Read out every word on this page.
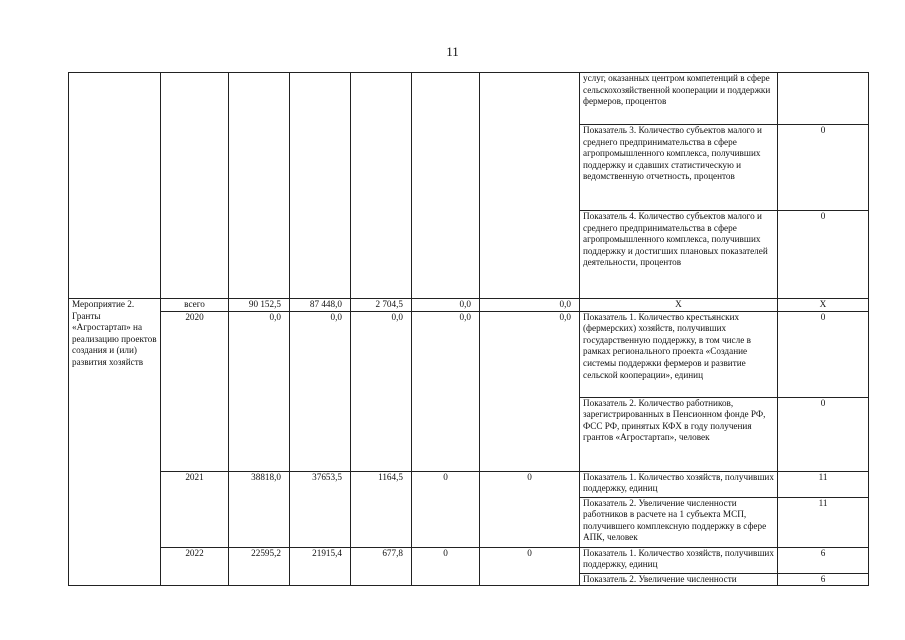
11
							услуг, оказанных центром компетенций в сфере сельскохозяйственной кооперации и поддержки фермеров, процентов	
							Показатель 3. Количество субъектов малого и среднего предпринимательства в сфере агропромышленного комплекса, получивших поддержку и сдавших статистическую и ведомственную отчетность, процентов	0
							Показатель 4. Количество субъектов малого и среднего предпринимательства в сфере агропромышленного комплекса, получивших поддержку и достигших плановых показателей деятельности, процентов	0
Мероприятие 2. Гранты «Агростартап» на реализацию проектов создания и (или) развития хозяйств	всего	90 152,5	87 448,0	2 704,5	0,0	0,0	Х	Х
	2020	0,0	0,0	0,0	0,0	0,0	Показатель 1. Количество крестьянских (фермерских) хозяйств, получивших государственную поддержку, в том числе в рамках регионального проекта «Создание системы поддержки фермеров и развитие сельской кооперации», единиц	0
							Показатель 2. Количество работников, зарегистрированных в Пенсионном фонде РФ, ФСС РФ, принятых КФХ в году получения грантов «Агростартап», человек	0
	2021	38818,0	37653,5	1164,5	0	0	Показатель 1. Количество хозяйств, получивших поддержку, единиц	11
							Показатель 2. Увеличение численности работников в расчете на 1 субъекта МСП, получившего комплексную поддержку в сфере АПК, человек	11
	2022	22595,2	21915,4	677,8	0	0	Показатель 1. Количество хозяйств, получивших поддержку, единиц	6
							Показатель 2. Увеличение численности	6
